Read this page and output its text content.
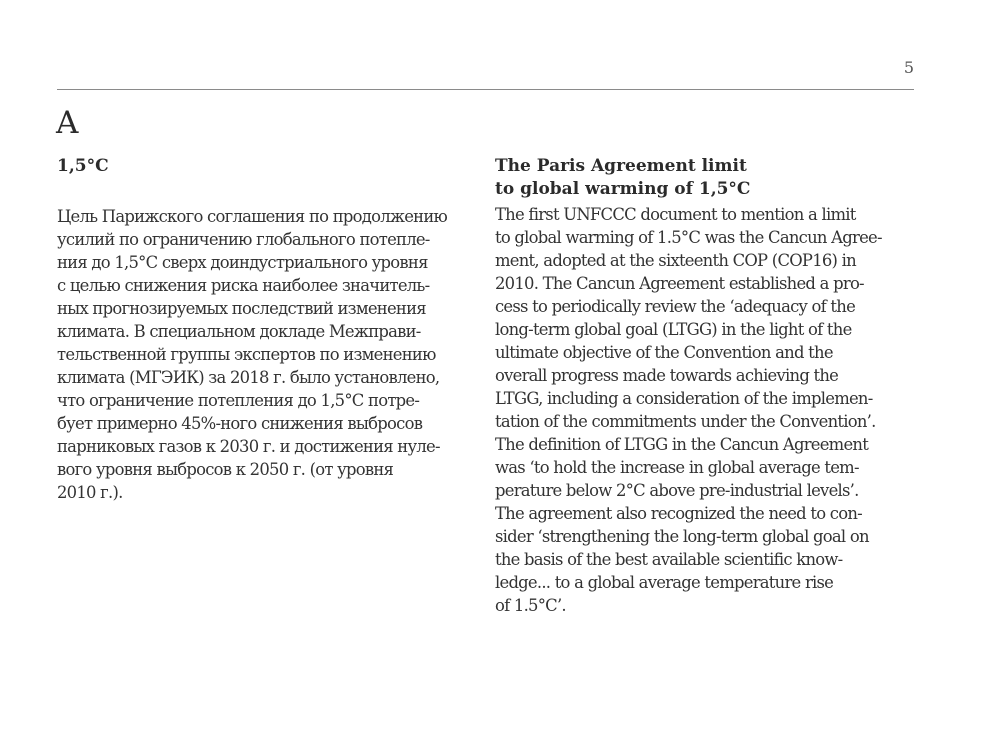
5
A
1,5°C
Цель Парижского соглашения по продолжению
усилий по ограничению глобального потепле-
ния до 1,5°C сверх доиндустриального уровня
с целью снижения риска наиболее значитель-
ных прогнозируемых последствий изменения
климата. В специальном докладе Межправи-
тельственной группы экспертов по изменению
климата (МГЭИК) за 2018 г. было установлено,
что ограничение потепления до 1,5°C потре-
бует примерно 45%-ного снижения выбросов
парниковых газов к 2030 г. и достижения нуле-
вого уровня выбросов к 2050 г. (от уровня
2010 г.).
The Paris Agreement limit
to global warming of 1,5°C
The first UNFCCC document to mention a limit
to global warming of 1.5°C was the Cancun Agree-
ment, adopted at the sixteenth COP (COP16) in
2010. The Cancun Agreement established a pro-
cess to periodically review the ‘adequacy of the
long-term global goal (LTGG) in the light of the
ultimate objective of the Convention and the
overall progress made towards achieving the
LTGG, including a consideration of the implemen-
tation of the commitments under the Convention’.
The definition of LTGG in the Cancun Agreement
was ‘to hold the increase in global average tem-
perature below 2°C above pre-industrial levels’.
The agreement also recognized the need to con-
sider ‘strengthening the long-term global goal on
the basis of the best available scientific know-
ledge... to a global average temperature rise
of 1.5°C’.
